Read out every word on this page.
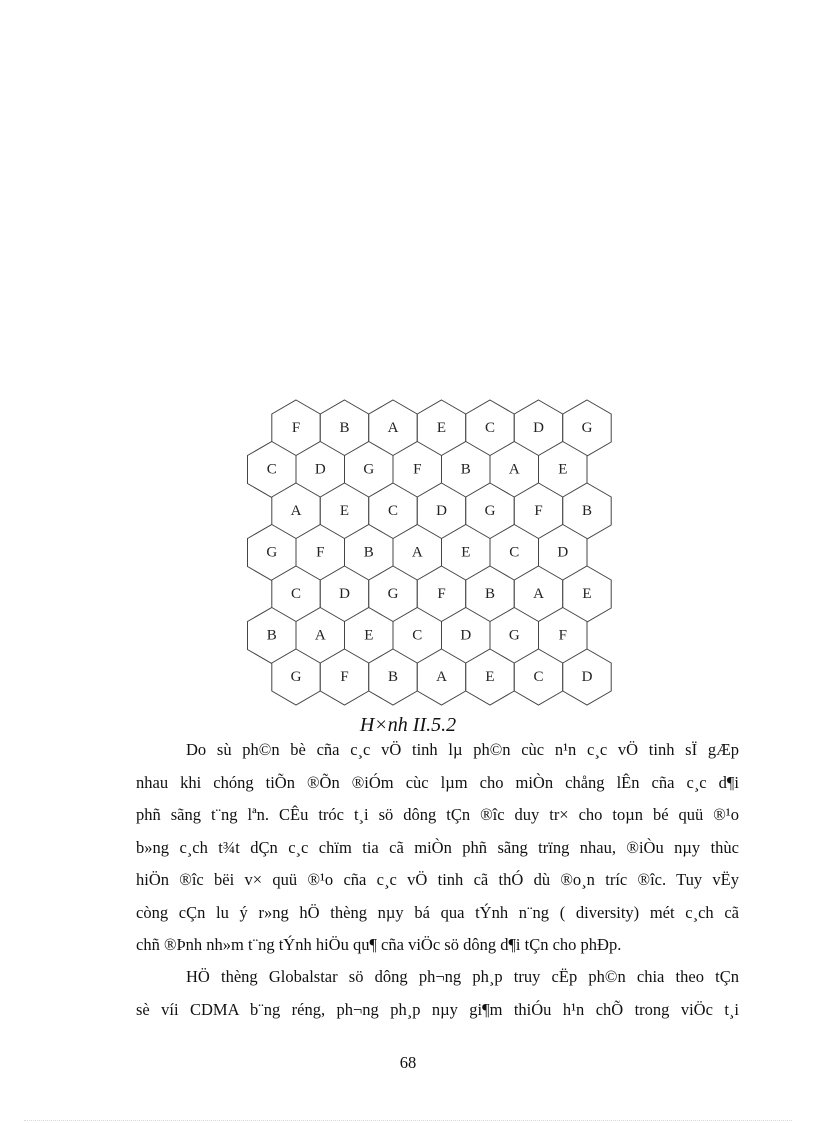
F	B	A	E	C	D	G
C	D	G	F	B	A	E
A	E	C	D	G	F	B
G	F	B	A	E	C	D
C	D	G	F	B	A	E
B	A	E	C	D	G	F
G	F	B	A	E	C	D
H×nh II.5.2
Do sù ph©n bè cña c¸c vÖ tinh lµ ph©n cùc n¹n c¸c vÖ tinh sÏ gÆp
nhau khi chóng tiÕn ®Õn ®iÓm cùc lµm cho miÒn chång lÊn cña c¸c d¶i
phñ sãng t¨ng lªn. CÊu tróc t¸i sö dông tÇn ®îc duy tr× cho toµn bé quü ®¹o
b»ng c¸ch t¾t dÇn c¸c chïm tia cã miÒn phñ sãng trïng nhau, ®iÒu nµy thùc
hiÖn ®îc bëi v× quü ®¹o cña c¸c vÖ tinh cã thÓ dù ®o¸n tríc ®îc. Tuy vËy
còng cÇn lu ý r»ng hÖ thèng nµy bá qua tÝnh n¨ng ( diversity) mét c¸ch cã
chñ ®Þnh nh»m t¨ng tÝnh hiÖu qu¶ cña viÖc sö dông d¶i tÇn cho phÐp.
HÖ thèng Globalstar sö dông ph¬ng ph¸p truy cËp ph©n chia theo tÇn
sè víi CDMA b¨ng réng, ph¬ng ph¸p nµy gi¶m thiÓu h¹n chÕ trong viÖc t¸i
68
